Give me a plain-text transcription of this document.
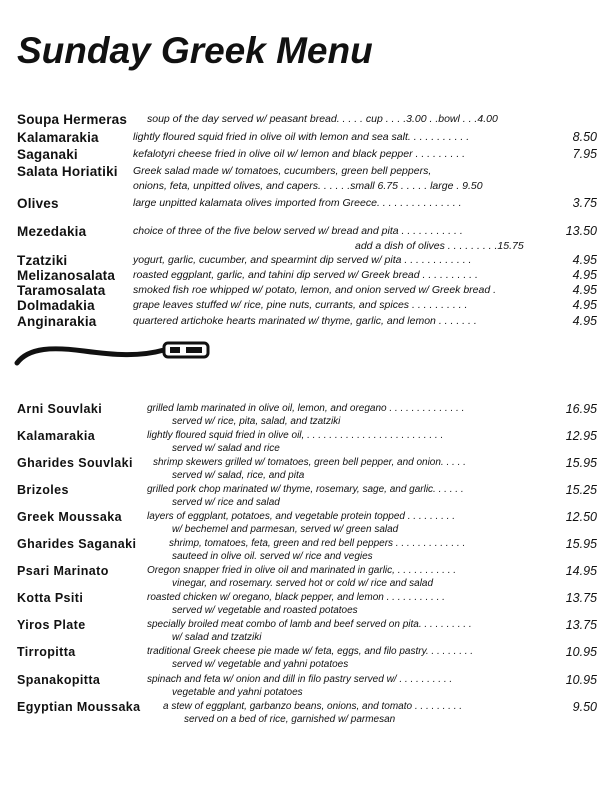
Sunday Greek Menu
Soupa Hermeras soup of the day served w/ peasant bread. . . . . cup . . . .3.00 . .bowl . . .4.00
Kalamarakia	lightly floured squid fried in olive oil with lemon and sea salt. . . . . . . . . . .	8.50
Saganaki	kefalotyri cheese fried in olive oil w/ lemon and black pepper . . . . . . . . .	7.95
Salata Horiatiki Greek salad made w/ tomatoes, cucumbers, green bell peppers,
onions, feta, unpitted olives, and capers. . . . . .small 6.75 . . . . . large . 9.50
Olives	large unpitted kalamata olives imported from Greece. . . . . . . . . . . . . . .	3.75
Mezedakia	choice of three of the five below served w/ bread and pita . . . . . . . . . . .	13.50
add a dish of olives . . . . . . . . .15.75
Tzatziki	yogurt, garlic, cucumber, and spearmint dip served w/ pita . . . . . . . . . . . .	4.95
Melizanosalata roasted eggplant, garlic, and tahini dip served w/ Greek bread . . . . . . . . . .	4.95
Taramosalata	smoked fish roe whipped w/ potato, lemon, and onion served w/ Greek bread .	4.95
Dolmadakia	grape leaves stuffed w/ rice, pine nuts, currants, and spices . . . . . . . . . .	4.95
Anginarakia	quartered artichoke hearts marinated w/ thyme, garlic, and lemon . . . . . . .	4.95
Arni Souvlaki	grilled lamb marinated in olive oil, lemon, and oregano . . . . . . . . . . . . . .	16.95
served w/ rice, pita, salad, and tzatziki
Kalamarakia	lightly floured squid fried in olive oil, . . . . . . . . . . . . . . . . . . . . . . . . .	12.95
served w/ salad and rice
Gharides Souvlaki shrimp skewers grilled w/ tomatoes, green bell pepper, and onion. . . . .	15.95
served w/ salad, rice, and pita
Brizoles	grilled pork chop marinated w/ thyme, rosemary, sage, and garlic. . . . . .	15.25
served w/ rice and salad
Greek Moussaka	layers of eggplant, potatoes, and vegetable protein topped . . . . . . . . .	12.50
w/ bechemel and parmesan, served w/ green salad
Gharides Saganaki	shrimp, tomatoes, feta, green and red bell peppers . . . . . . . . . . . . .	15.95
sauteed in olive oil. served w/ rice and vegies
Psari Marinato	Oregon snapper fried in olive oil and marinated in garlic, . . . . . . . . . . .	14.95
vinegar, and rosemary. served hot or cold w/ rice and salad
Kotta Psiti	roasted chicken w/ oregano, black pepper, and lemon . . . . . . . . . . .	13.75
served w/ vegetable and roasted potatoes
Yiros Plate	specially broiled meat combo of lamb and beef served on pita. . . . . . . . . .	13.75
w/ salad and tzatziki
Tirropitta	traditional Greek cheese pie made w/ feta, eggs, and filo pastry. . . . . . . . .	10.95
served w/ vegetable and yahni potatoes
Spanakopitta	spinach and feta w/ onion and dill in filo pastry served w/ . . . . . . . . . .	10.95
vegetable and yahni potatoes
Egyptian Moussaka a stew of eggplant, garbanzo beans, onions, and tomato . . . . . . . . .	9.50
served on a bed of rice, garnished w/ parmesan
